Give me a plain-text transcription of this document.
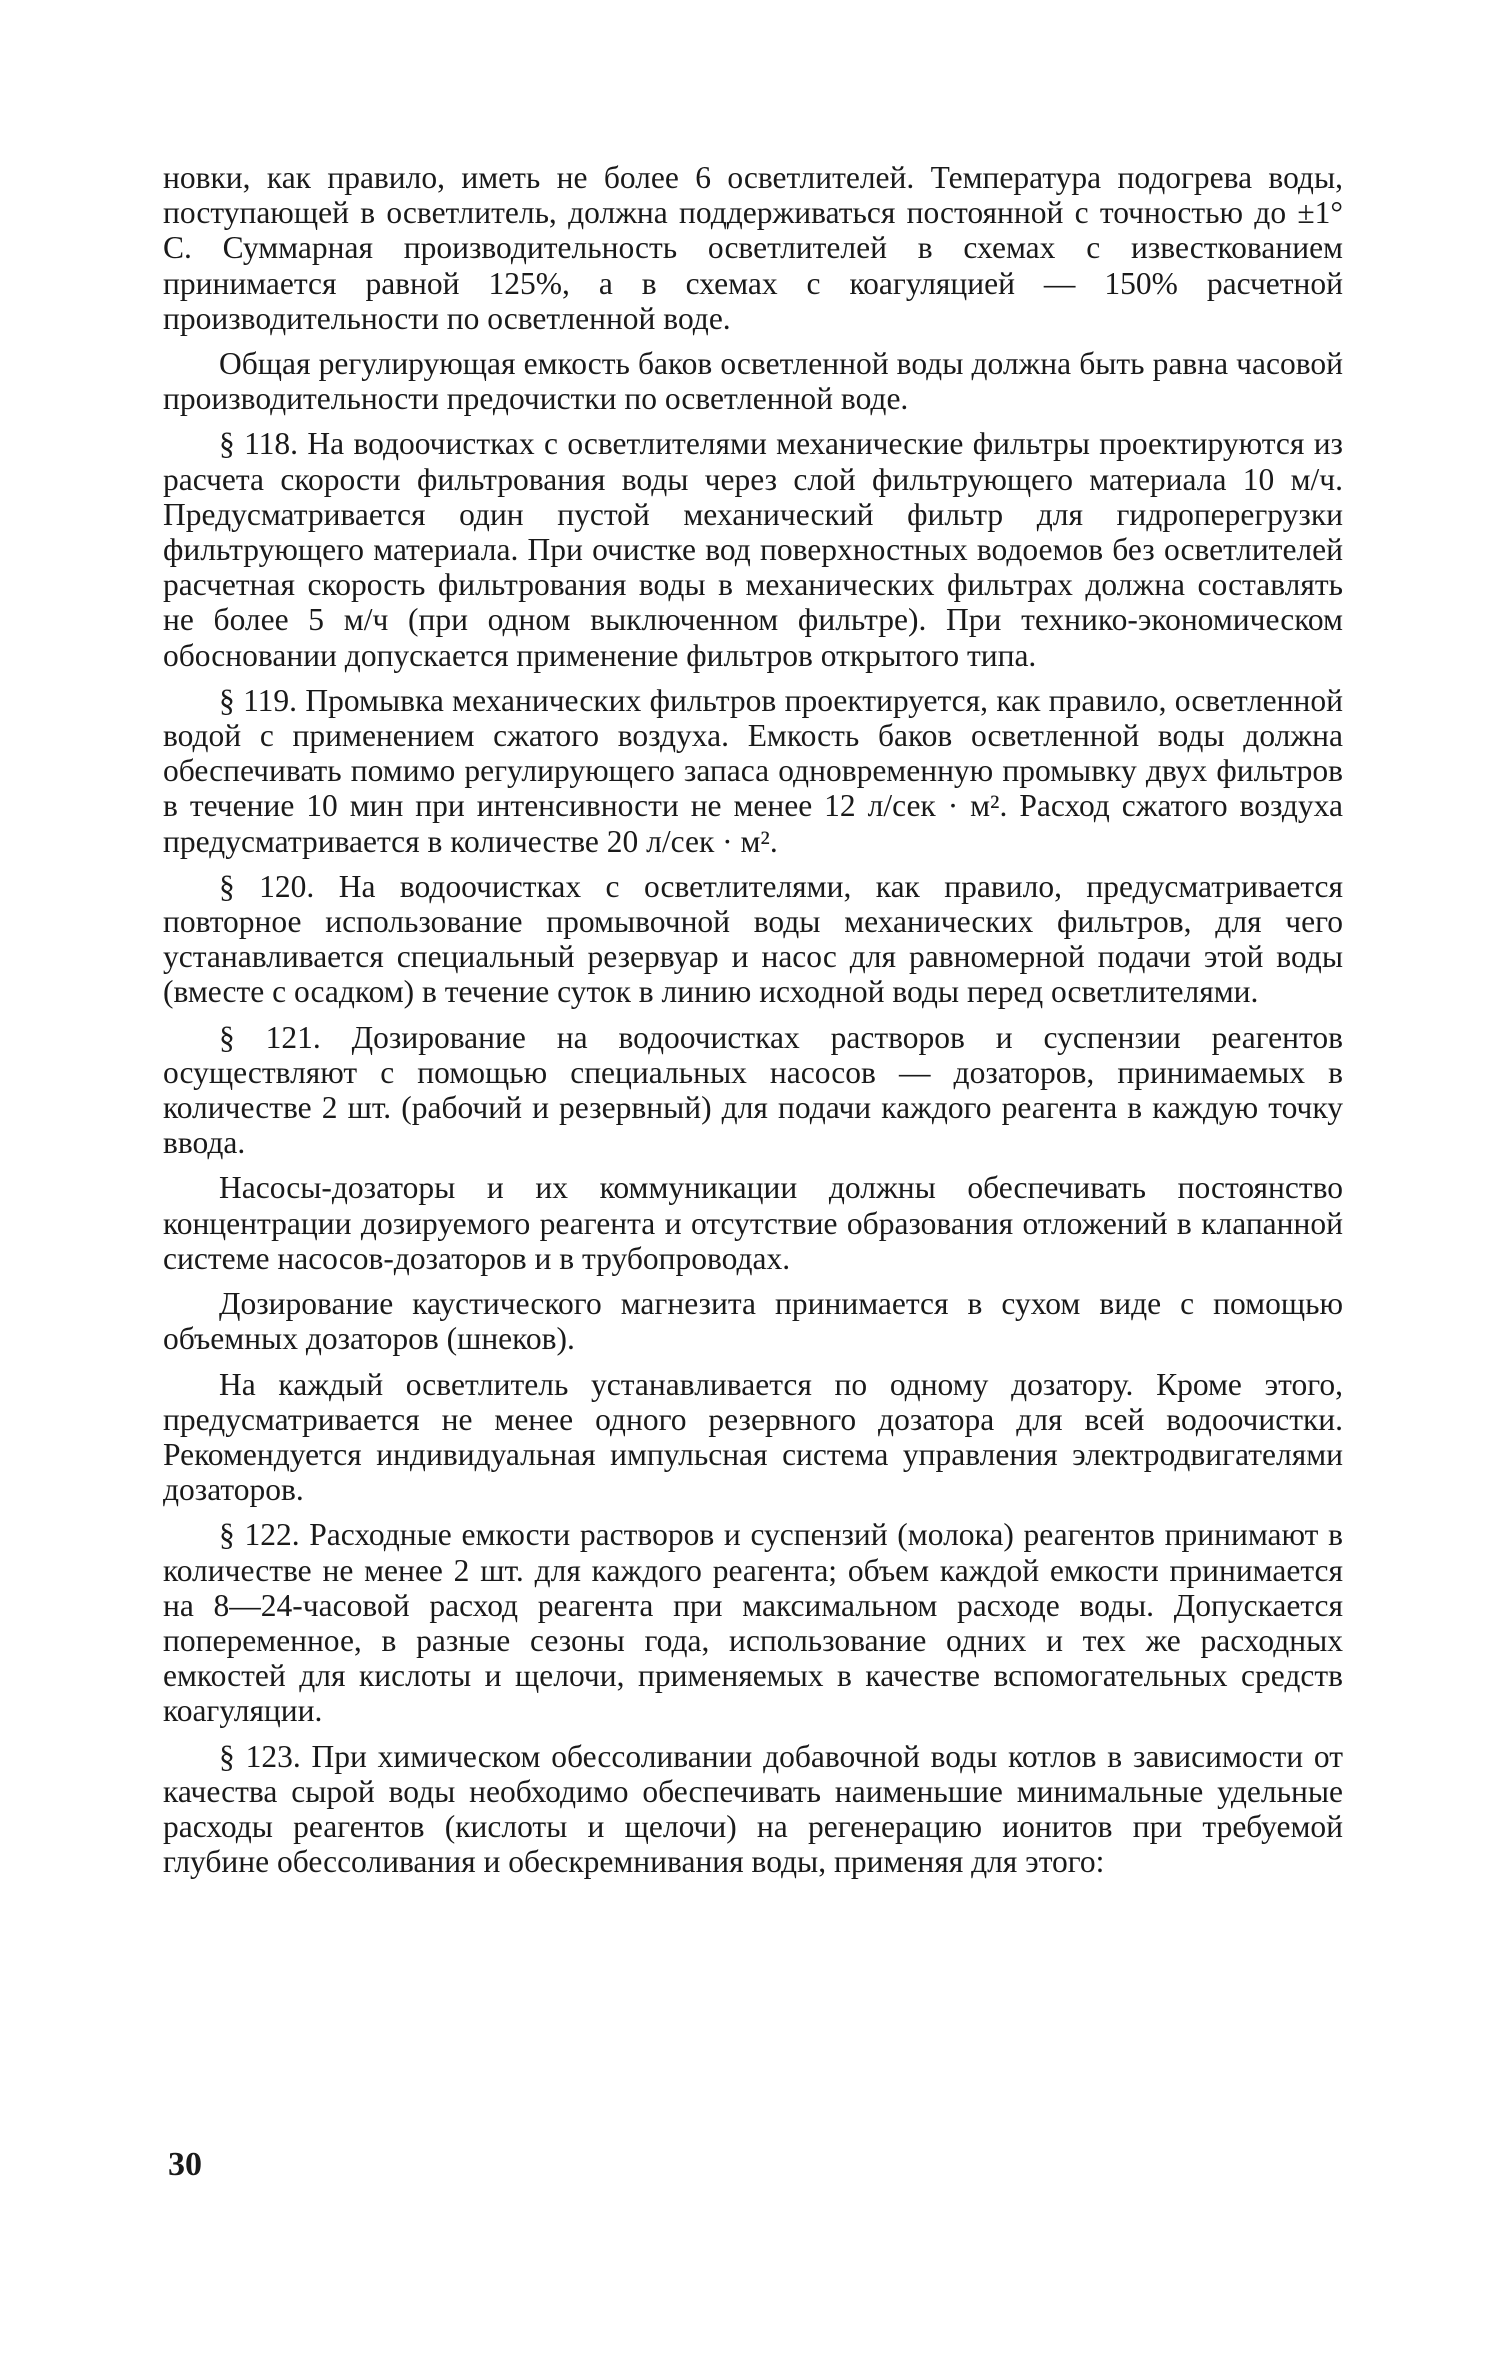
новки, как правило, иметь не более 6 осветлителей. Температура подогрева воды, поступающей в осветлитель, должна поддерживаться постоянной с точностью до ±1° С. Суммарная производительность осветлителей в схемах с известкованием принимается равной 125%, а в схемах с коагуляцией — 150% расчетной производительности по осветленной воде.

Общая регулирующая емкость баков осветленной воды должна быть равна часовой производительности предочистки по осветленной воде.

§ 118. На водоочистках с осветлителями механические фильтры проектируются из расчета скорости фильтрования воды через слой фильтрующего материала 10 м/ч. Предусматривается один пустой механический фильтр для гидроперегрузки фильтрующего материала. При очистке вод поверхностных водоемов без осветлителей расчетная скорость фильтрования воды в механических фильтрах должна составлять не более 5 м/ч (при одном выключенном фильтре). При технико-экономическом обосновании допускается применение фильтров открытого типа.

§ 119. Промывка механических фильтров проектируется, как правило, осветленной водой с применением сжатого воздуха. Емкость баков осветленной воды должна обеспечивать помимо регулирующего запаса одновременную промывку двух фильтров в течение 10 мин при интенсивности не менее 12 л/сек · м². Расход сжатого воздуха предусматривается в количестве 20 л/сек · м².

§ 120. На водоочистках с осветлителями, как правило, предусматривается повторное использование промывочной воды механических фильтров, для чего устанавливается специальный резервуар и насос для равномерной подачи этой воды (вместе с осадком) в течение суток в линию исходной воды перед осветлителями.

§ 121. Дозирование на водоочистках растворов и суспензии реагентов осуществляют с помощью специальных насосов — дозаторов, принимаемых в количестве 2 шт. (рабочий и резервный) для подачи каждого реагента в каждую точку ввода.

Насосы-дозаторы и их коммуникации должны обеспечивать постоянство концентрации дозируемого реагента и отсутствие образования отложений в клапанной системе насосов-дозаторов и в трубопроводах.

Дозирование каустического магнезита принимается в сухом виде с помощью объемных дозаторов (шнеков).

На каждый осветлитель устанавливается по одному дозатору. Кроме этого, предусматривается не менее одного резервного дозатора для всей водоочистки. Рекомендуется индивидуальная импульсная система управления электродвигателями дозаторов.

§ 122. Расходные емкости растворов и суспензий (молока) реагентов принимают в количестве не менее 2 шт. для каждого реагента; объем каждой емкости принимается на 8—24-часовой расход реагента при максимальном расходе воды. Допускается попеременное, в разные сезоны года, использование одних и тех же расходных емкостей для кислоты и щелочи, применяемых в качестве вспомогательных средств коагуляции.

§ 123. При химическом обессоливании добавочной воды котлов в зависимости от качества сырой воды необходимо обеспечивать наименьшие минимальные удельные расходы реагентов (кислоты и щелочи) на регенерацию ионитов при требуемой глубине обессоливания и обескремнивания воды, применяя для этого:

30
